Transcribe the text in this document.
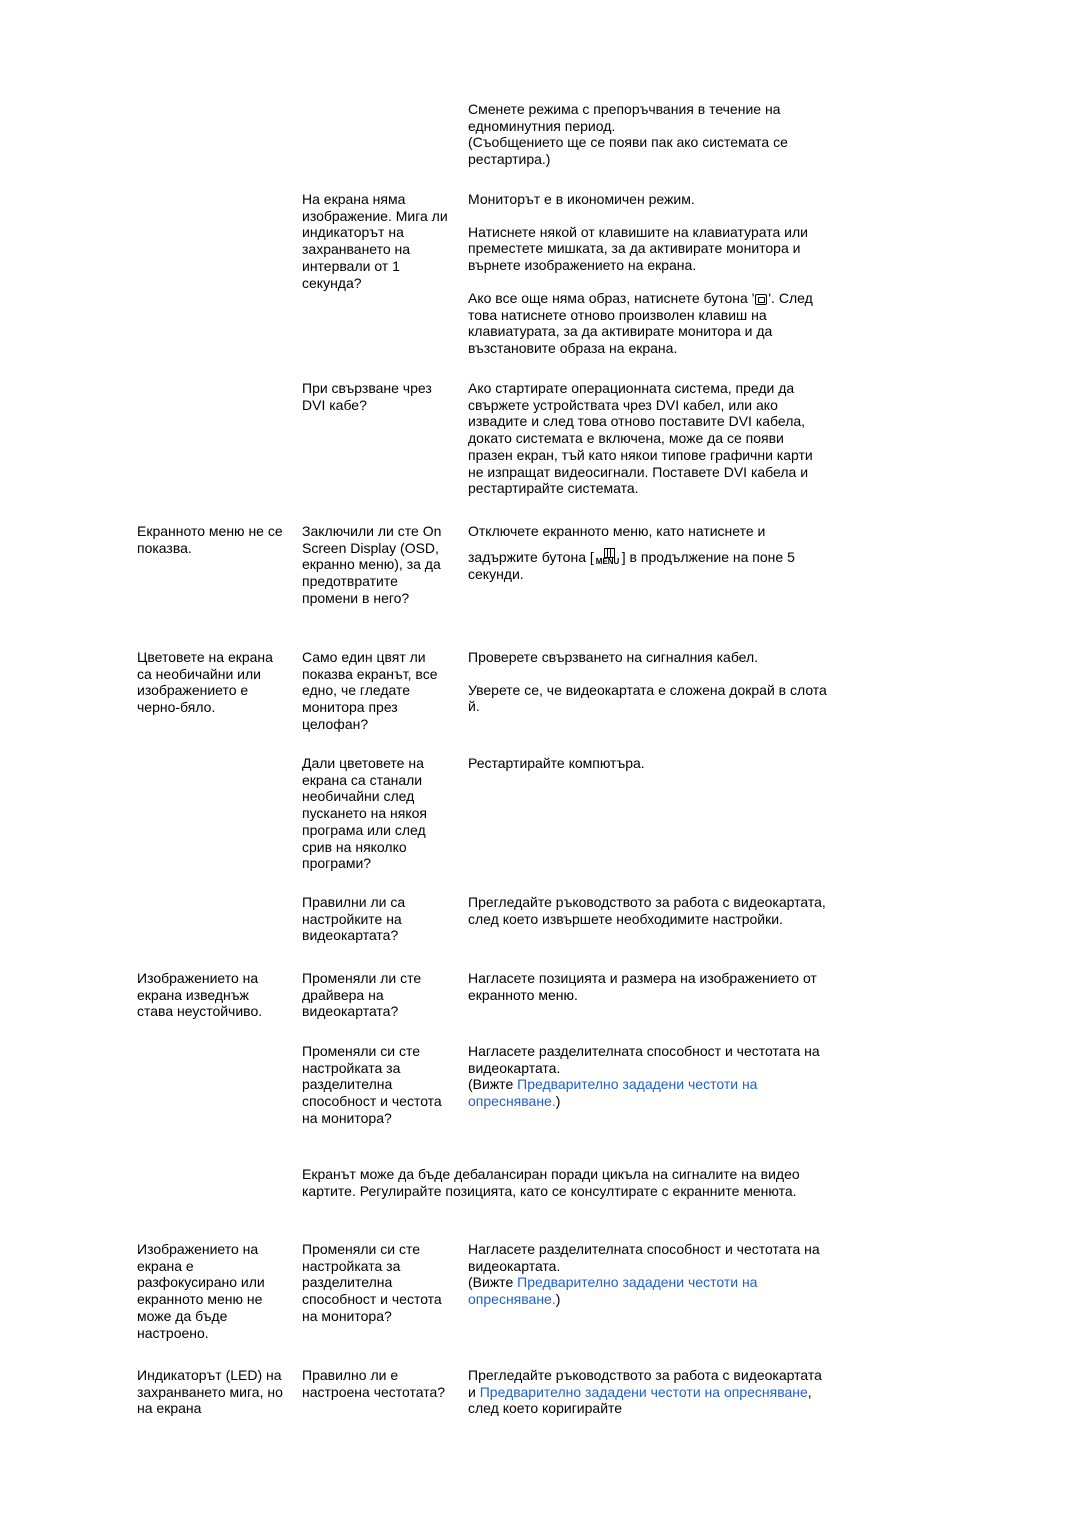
Сменете режима с препоръчвания в течение на едноминутния период.

(Съобщението ще се появи пак ако системата се рестартира.)

На екрана няма изображение. Мига ли индикаторът на захранването на интервали от 1 секунда?

Мониторът е в икономичен режим.

Натиснете някой от клавишите на клавиатурата или преместете мишката, за да активирате монитора и върнете изображението на екрана.

Ако все още няма образ, натиснете бутона ' '. След това натиснете отново произволен клавиш на клавиатурата, за да активирате монитора и да възстановите образа на екрана.

При свързване чрез DVI кабе?

Ако стартирате операционната система, преди да свържете устройствата чрез DVI кабел, или ако извадите и след това отново поставите DVI кабела, докато системата е включена, може да се появи празен екран, тъй като някои типове графични карти не изпращат видеосигнали. Поставете DVI кабела и рестартирайте системата.

Екранното меню не се показва.

Заключили ли сте On Screen Display (OSD, екранно меню), за да предотвратите промени в него?

Отключете екранното меню, като натиснете и

задържите бутона [ MENU ] в продължение на поне 5 секунди.

Цветовете на екрана са необичайни или изображението е черно-бяло.

Само един цвят ли показва екранът, все едно, че гледате монитора през целофан?

Проверете свързването на сигналния кабел.

Уверете се, че видеокартата е сложена докрай в слота й.

Дали цветовете на екрана са станали необичайни след пускането на някоя програма или след срив на няколко програми?

Рестартирайте компютъра.

Правилни ли са настройките на видеокартата?

Прегледайте ръководството за работа с видеокартата, след което извършете необходимите настройки.

Изображението на екрана изведнъж става неустойчиво.

Променяли ли сте драйвера на видеокартата?

Нагласете позицията и размера на изображението от екранното меню.

Променяли си сте настройката за разделителна способност и честота на монитора?

Нагласете разделителната способност и честотата на видеокартата.

(Вижте Предварително зададени честоти на опресняване.)

Екранът може да бъде дебалансиран поради цикъла на сигналите на видео картите. Регулирайте позицията, като се консултирате с екранните менюта.

Изображението на екрана е разфокусирано или екранното меню не може да бъде настроено.

Променяли си сте настройката за разделителна способност и честота на монитора?

Нагласете разделителната способност и честотата на видеокартата.

(Вижте Предварително зададени честоти на опресняване.)

Индикаторът (LED) на захранването мига, но на екрана

Правилно ли е настроена честотата?

Прегледайте ръководството за работа с видеокартата и Предварително зададени честоти на опресняване, след което коригирайте
